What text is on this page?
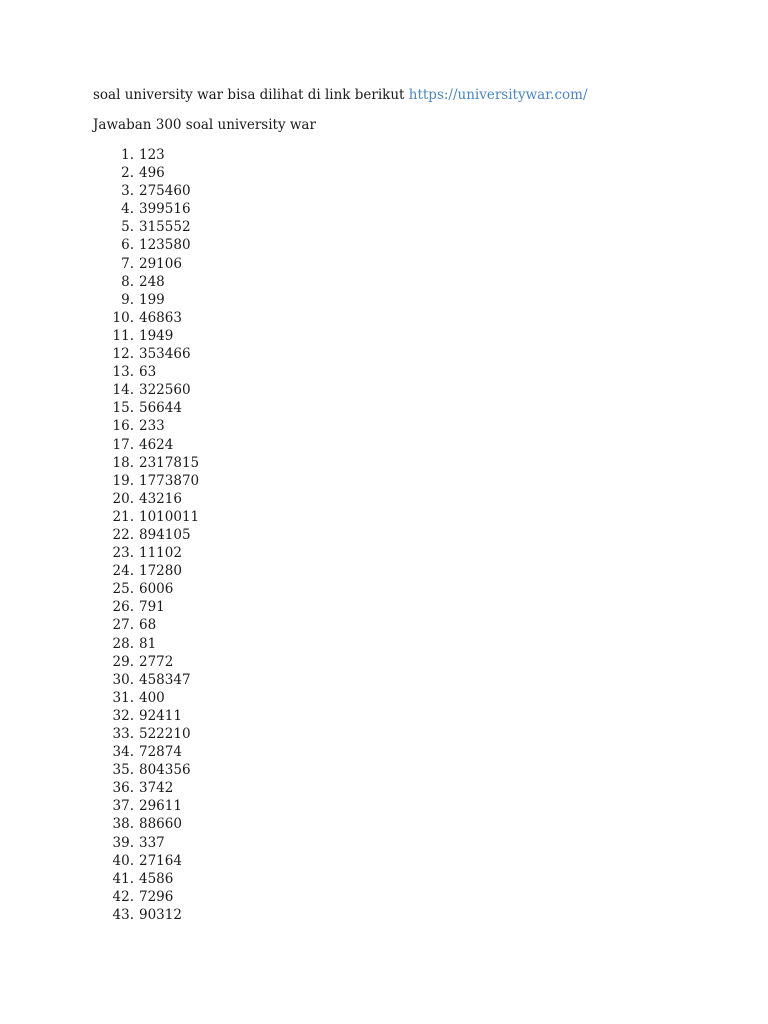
soal university war bisa dilihat di link berikut https://universitywar.com/
Jawaban 300 soal university war
1. 123
2. 496
3. 275460
4. 399516
5. 315552
6. 123580
7. 29106
8. 248
9. 199
10. 46863
11. 1949
12. 353466
13. 63
14. 322560
15. 56644
16. 233
17. 4624
18. 2317815
19. 1773870
20. 43216
21. 1010011
22. 894105
23. 11102
24. 17280
25. 6006
26. 791
27. 68
28. 81
29. 2772
30. 458347
31. 400
32. 92411
33. 522210
34. 72874
35. 804356
36. 3742
37. 29611
38. 88660
39. 337
40. 27164
41. 4586
42. 7296
43. 90312
